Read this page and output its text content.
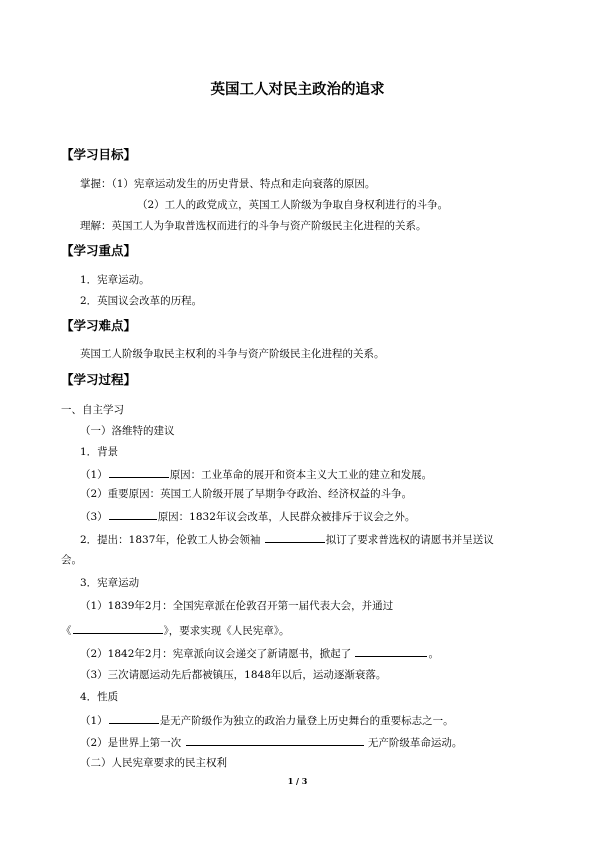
英国工人对民主政治的追求
【学习目标】
掌握：（1）宪章运动发生的历史背景、特点和走向衰落的原因。
（2）工人的政党成立，英国工人阶级为争取自身权利进行的斗争。
理解：英国工人为争取普选权而进行的斗争与资产阶级民主化进程的关系。
【学习重点】
1．宪章运动。
2．英国议会改革的历程。
【学习难点】
英国工人阶级争取民主权利的斗争与资产阶级民主化进程的关系。
【学习过程】
一、自主学习
（一）洛维特的建议
1．背景
（1）	原因：工业革命的展开和资本主义大工业的建立和发展。
（2）重要原因：英国工人阶级开展了早期争夺政治、经济权益的斗争。
（3）	原因：1832年议会改革，人民群众被排斥于议会之外。
2．提出：1837年，伦敦工人协会领袖	拟订了要求普选权的请愿书并呈送议
会。
3．宪章运动
（1）1839年2月：全国宪章派在伦敦召开第一届代表大会，并通过
《	》，要求实现《人民宪章》。
（2）1842年2月：宪章派向议会递交了新请愿书，掀起了	。
（3）三次请愿运动先后都被镇压，1848年以后，运动逐渐衰落。
4．性质
（1）	是无产阶级作为独立的政治力量登上历史舞台的重要标志之一。
（2）是世界上第一次	无产阶级革命运动。
（二）人民宪章要求的民主权利
1 / 3
